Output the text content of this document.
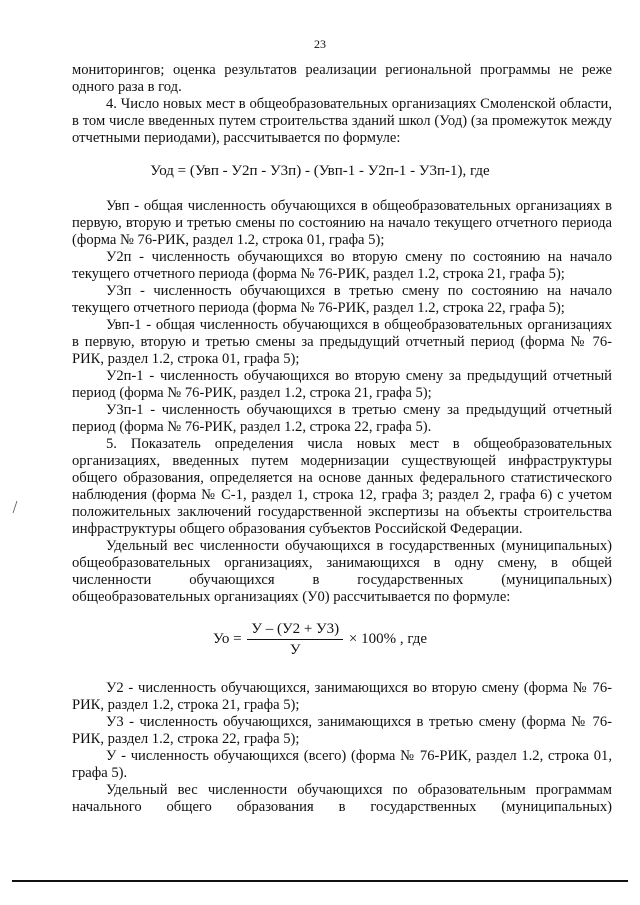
23

мониторингов; оценка результатов реализации региональной программы не реже одного раза в год.

4. Число новых мест в общеобразовательных организациях Смоленской области, в том числе введенных путем строительства зданий школ (Уод) (за промежуток между отчетными периодами), рассчитывается по формуле:

Уод = (Увп - У2п - У3п) - (Увп-1 - У2п-1 - У3п-1), где

Увп - общая численность обучающихся в общеобразовательных организациях в первую, вторую и третью смены по состоянию на начало текущего отчетного периода (форма № 76-РИК, раздел 1.2, строка 01, графа 5);

У2п - численность обучающихся во вторую смену по состоянию на начало текущего отчетного периода (форма № 76-РИК, раздел 1.2, строка 21, графа 5);

У3п - численность обучающихся в третью смену по состоянию на начало текущего отчетного периода (форма № 76-РИК, раздел 1.2, строка 22, графа 5);

Увп-1 - общая численность обучающихся в общеобразовательных организациях в первую, вторую и третью смены за предыдущий отчетный период (форма № 76-РИК, раздел 1.2, строка 01, графа 5);

У2п-1 - численность обучающихся во вторую смену за предыдущий отчетный период (форма № 76-РИК, раздел 1.2, строка 21, графа 5);

У3п-1 - численность обучающихся в третью смену за предыдущий отчетный период (форма № 76-РИК, раздел 1.2, строка 22, графа 5).

5. Показатель определения числа новых мест в общеобразовательных организациях, введенных путем модернизации существующей инфраструктуры общего образования, определяется на основе данных федерального статистического наблюдения (форма № С-1, раздел 1, строка 12, графа 3; раздел 2, графа 6) с учетом положительных заключений государственной экспертизы на объекты строительства инфраструктуры общего образования субъектов Российской Федерации.

Удельный вес численности обучающихся в государственных (муниципальных) общеобразовательных организациях, занимающихся в одну смену, в общей численности обучающихся в государственных (муниципальных) общеобразовательных организациях (У0) рассчитывается по формуле:

Уо = $\frac{У - (У2 + У3)}{У} \times 100\%$ , где

У2 - численность обучающихся, занимающихся во вторую смену (форма № 76-РИК, раздел 1.2, строка 21, графа 5);

У3 - численность обучающихся, занимающихся в третью смену (форма № 76-РИК, раздел 1.2, строка 22, графа 5);

У - численность обучающихся (всего) (форма № 76-РИК, раздел 1.2, строка 01, графа 5).

Удельный вес численности обучающихся по образовательным программам начального общего образования в государственных (муниципальных)
